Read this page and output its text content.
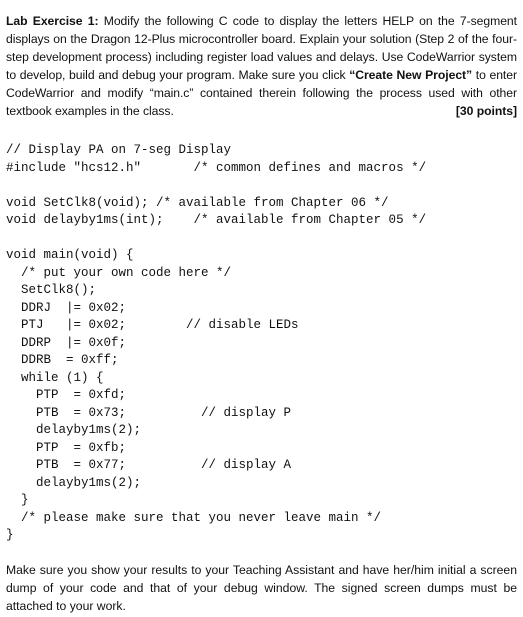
Lab Exercise 1: Modify the following C code to display the letters HELP on the 7-segment displays on the Dragon 12-Plus microcontroller board. Explain your solution (Step 2 of the four-step development process) including register load values and delays. Use CodeWarrior system to develop, build and debug your program. Make sure you click “Create New Project” to enter CodeWarrior and modify “main.c” contained therein following the process used with other

textbook examples in the class.	[30 points]

// Display PA on 7-seg Display
#include "hcs12.h"       /* common defines and macros */
void SetClk8(void); /* available from Chapter 06 */
void delayby1ms(int);    /* available from Chapter 05 */
void main(void) {
/* put your own code here */
SetClk8();
DDRJ  |= 0x02;
PTJ   |= 0x02;        // disable LEDs
DDRP  |= 0x0f;
DDRB  = 0xff;
while (1) {
PTP  = 0xfd;
PTB  = 0x73;          // display P
delayby1ms(2);
PTP  = 0xfb;
PTB  = 0x77;          // display A
delayby1ms(2);
}
/* please make sure that you never leave main */
}

Make sure you show your results to your Teaching Assistant and have her/him initial a screen dump of your code and that of your debug window. The signed screen dumps must be attached to your work.
